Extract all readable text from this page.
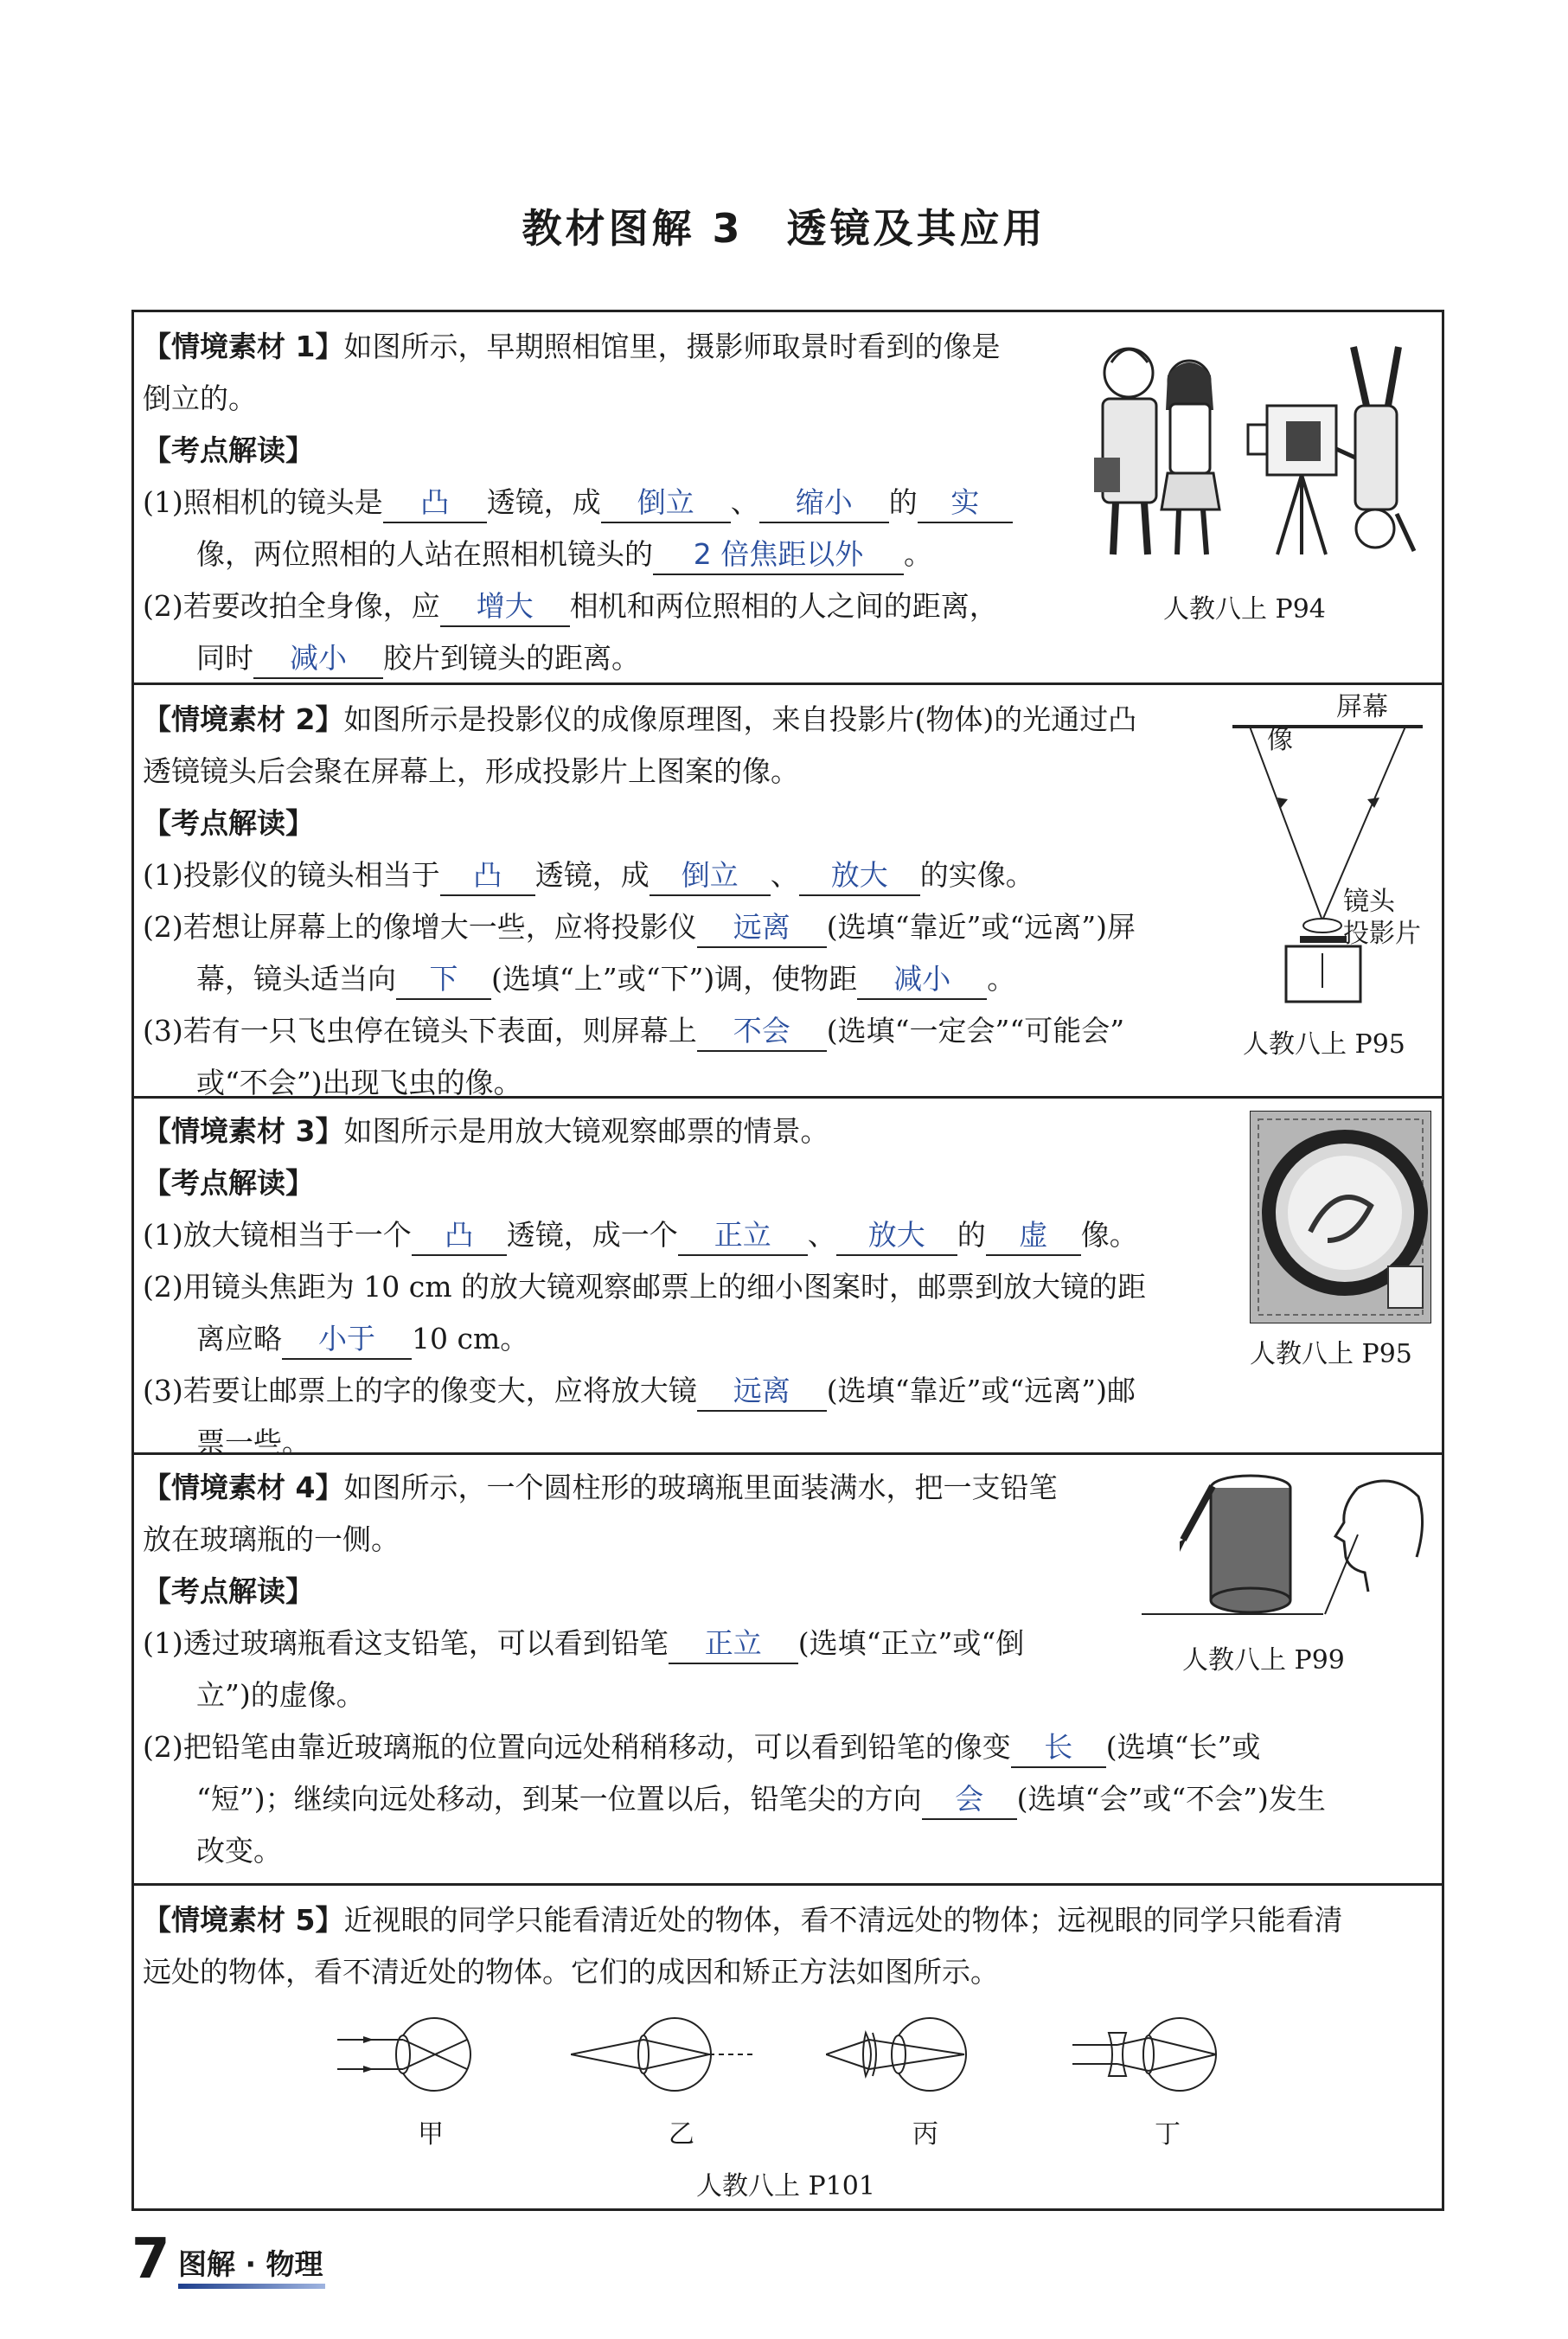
教材图解 3　透镜及其应用
【情境素材 1】如图所示，早期照相馆里，摄影师取景时看到的像是
倒立的。
【考点解读】
(1)照相机的镜头是 凸 透镜，成 倒立 、 缩小 的 实
像，两位照相的人站在照相机镜头的 2 倍焦距以外 。
(2)若要改拍全身像，应 增大 相机和两位照相的人之间的距离，
同时 减小 胶片到镜头的距离。
人教八上 P94
【情境素材 2】如图所示是投影仪的成像原理图，来自投影片(物体)的光通过凸
透镜镜头后会聚在屏幕上，形成投影片上图案的像。
【考点解读】
(1)投影仪的镜头相当于 凸 透镜，成 倒立 、 放大 的实像。
(2)若想让屏幕上的像增大一些，应将投影仪 远离 (选填“靠近”或“远离”)屏
幕，镜头适当向 下 (选填“上”或“下”)调，使物距 减小 。
(3)若有一只飞虫停在镜头下表面，则屏幕上 不会 (选填“一定会”“可能会”
或“不会”)出现飞虫的像。
屏幕
像
镜头
投影片
人教八上 P95
【情境素材 3】如图所示是用放大镜观察邮票的情景。
【考点解读】
(1)放大镜相当于一个 凸 透镜，成一个 正立 、 放大 的 虚 像。
(2)用镜头焦距为 10 cm 的放大镜观察邮票上的细小图案时，邮票到放大镜的距
离应略 小于 10 cm。
(3)若要让邮票上的字的像变大，应将放大镜 远离 (选填“靠近”或“远离”)邮
票一些。
人教八上 P95
【情境素材 4】如图所示，一个圆柱形的玻璃瓶里面装满水，把一支铅笔
放在玻璃瓶的一侧。
【考点解读】
(1)透过玻璃瓶看这支铅笔，可以看到铅笔 正立 (选填“正立”或“倒
立”)的虚像。
(2)把铅笔由靠近玻璃瓶的位置向远处稍稍移动，可以看到铅笔的像变 长 (选填“长”或
“短”)；继续向远处移动，到某一位置以后，铅笔尖的方向 会 (选填“会”或“不会”)发生
改变。
人教八上 P99
【情境素材 5】近视眼的同学只能看清近处的物体，看不清远处的物体；远视眼的同学只能看清
远处的物体，看不清近处的物体。它们的成因和矫正方法如图所示。
甲	乙	丙	丁
人教八上 P101
7 图解 · 物理
